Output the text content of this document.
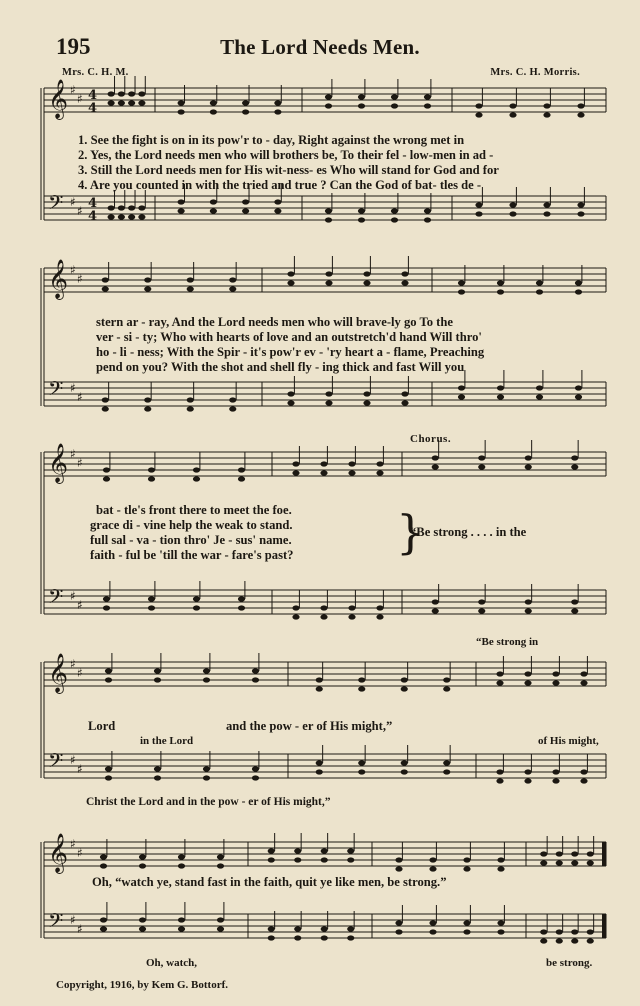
195	The Lord Needs Men.
Mrs. C. H. M.	Mrs. C. H. Morris.
𝄞 ♯
♯ 4
4
𝄢 ♯
♯ 4
4
𝄞 ♯
♯
𝄢 ♯
♯
𝄞 ♯
♯
𝄢 ♯
♯
𝄞 ♯
♯
𝄢 ♯
♯
𝄞 ♯
♯
𝄢 ♯
♯
1. See the fight is on in its pow'r to - day, Right against the wrong met in
2. Yes, the Lord needs men who will brothers be, To their fel - low-men in ad -
3. Still the Lord needs men for His wit-ness- es Who will stand for God and for
4. Are you counted in with the tried and true ? Can the God of bat- tles de -
stern ar - ray, And the Lord needs men who will brave-ly go To the
ver - si - ty; Who with hearts of love and an outstretch'd hand Will thro'
ho - li - ness; With the Spir - it's pow'r ev - 'ry heart a - flame, Preaching
pend on you? With the shot and shell fly - ing thick and fast Will you
Chorus.
bat - tle's front there to meet the foe.
grace di - vine help the weak to stand.
full sal - va - tion thro' Je - sus' name.
faith - ful be 'till the war - fare's past? }
“Be strong . . . . in the
“Be strong in
Lord	and the pow - er of His might,”
in the Lord	of His might,
Christ the Lord and in the pow - er of His might,”
Oh, “watch ye, stand fast in the faith, quit ye like men, be strong.”
Oh, watch,	be strong.
Copyright, 1916, by Kem G. Bottorf.
